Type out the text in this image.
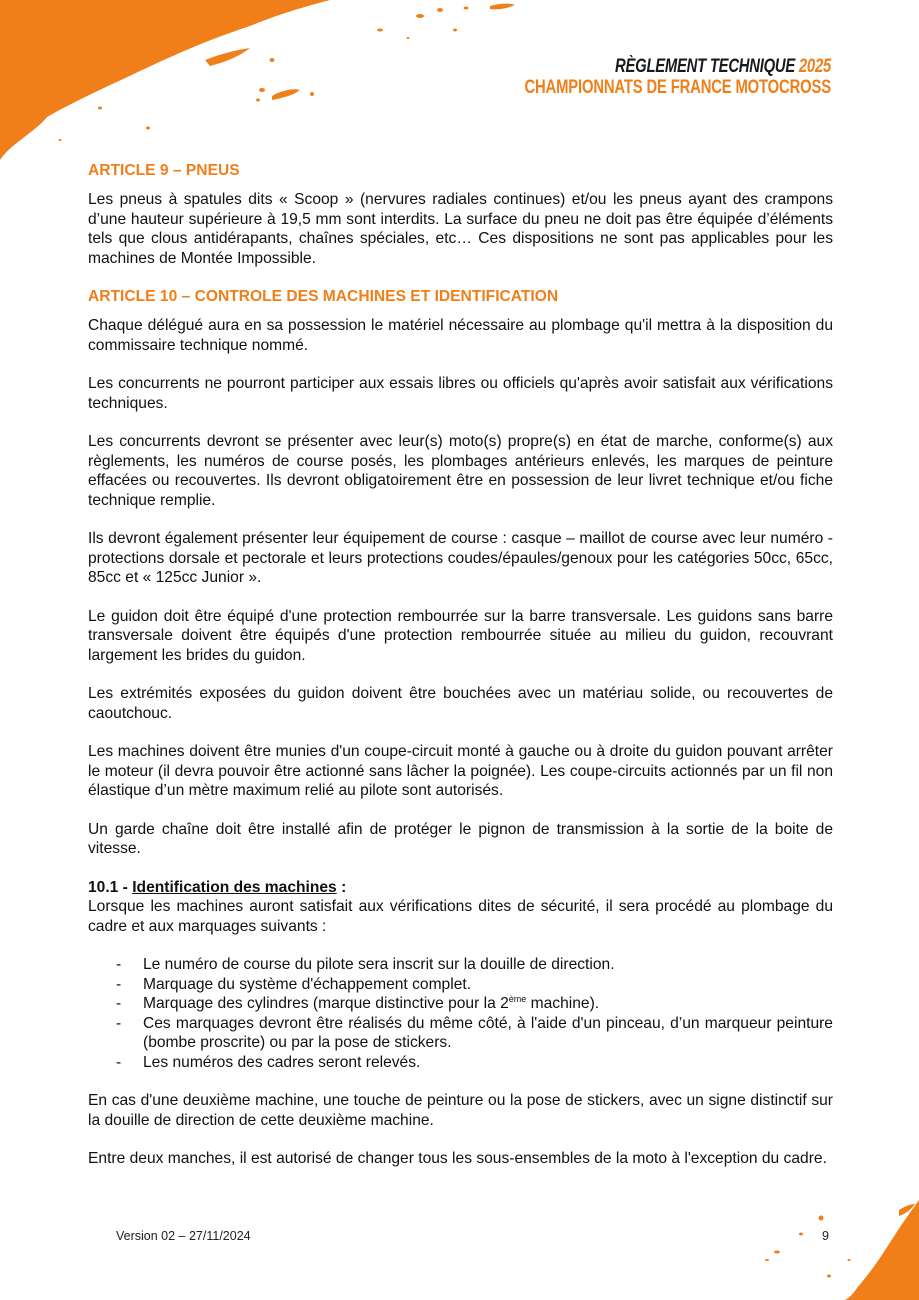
RÈGLEMENT TECHNIQUE 2025
CHAMPIONNATS DE FRANCE MOTOCROSS
ARTICLE 9 – PNEUS

Les pneus à spatules dits « Scoop » (nervures radiales continues) et/ou les pneus ayant des crampons d’une hauteur supérieure à 19,5 mm sont interdits. La surface du pneu ne doit pas être équipée d’éléments tels que clous antidérapants, chaînes spéciales, etc… Ces dispositions ne sont pas applicables pour les machines de Montée Impossible.

ARTICLE 10 – CONTROLE DES MACHINES ET IDENTIFICATION

Chaque délégué aura en sa possession le matériel nécessaire au plombage qu'il mettra à la disposition du commissaire technique nommé.

Les concurrents ne pourront participer aux essais libres ou officiels qu'après avoir satisfait aux vérifications techniques.

Les concurrents devront se présenter avec leur(s) moto(s) propre(s) en état de marche, conforme(s) aux règlements, les numéros de course posés, les plombages antérieurs enlevés, les marques de peinture effacées ou recouvertes. Ils devront obligatoirement être en possession de leur livret technique et/ou fiche technique remplie.

Ils devront également présenter leur équipement de course : casque – maillot de course avec leur numéro - protections dorsale et pectorale et leurs protections coudes/épaules/genoux pour les catégories 50cc, 65cc, 85cc et « 125cc Junior ».

Le guidon doit être équipé d'une protection rembourrée sur la barre transversale. Les guidons sans barre transversale doivent être équipés d'une protection rembourrée située au milieu du guidon, recouvrant largement les brides du guidon.

Les extrémités exposées du guidon doivent être bouchées avec un matériau solide, ou recouvertes de caoutchouc.

Les machines doivent être munies d'un coupe-circuit monté à gauche ou à droite du guidon pouvant arrêter le moteur (il devra pouvoir être actionné sans lâcher la poignée). Les coupe-circuits actionnés par un fil non élastique d’un mètre maximum relié au pilote sont autorisés.

Un garde chaîne doit être installé afin de protéger le pignon de transmission à la sortie de la boite de vitesse.

10.1 - Identification des machines :

Lorsque les machines auront satisfait aux vérifications dites de sécurité, il sera procédé au plombage du cadre et aux marquages suivants :

- Le numéro de course du pilote sera inscrit sur la douille de direction.
- Marquage du système d'échappement complet.
- Marquage des cylindres (marque distinctive pour la 2ème machine).
- Ces marquages devront être réalisés du même côté, à l'aide d'un pinceau, d’un marqueur peinture (bombe proscrite) ou par la pose de stickers.
- Les numéros des cadres seront relevés.

En cas d'une deuxième machine, une touche de peinture ou la pose de stickers, avec un signe distinctif sur la douille de direction de cette deuxième machine.

Entre deux manches, il est autorisé de changer tous les sous-ensembles de la moto à l'exception du cadre.

Version 02 – 27/11/2024	9
